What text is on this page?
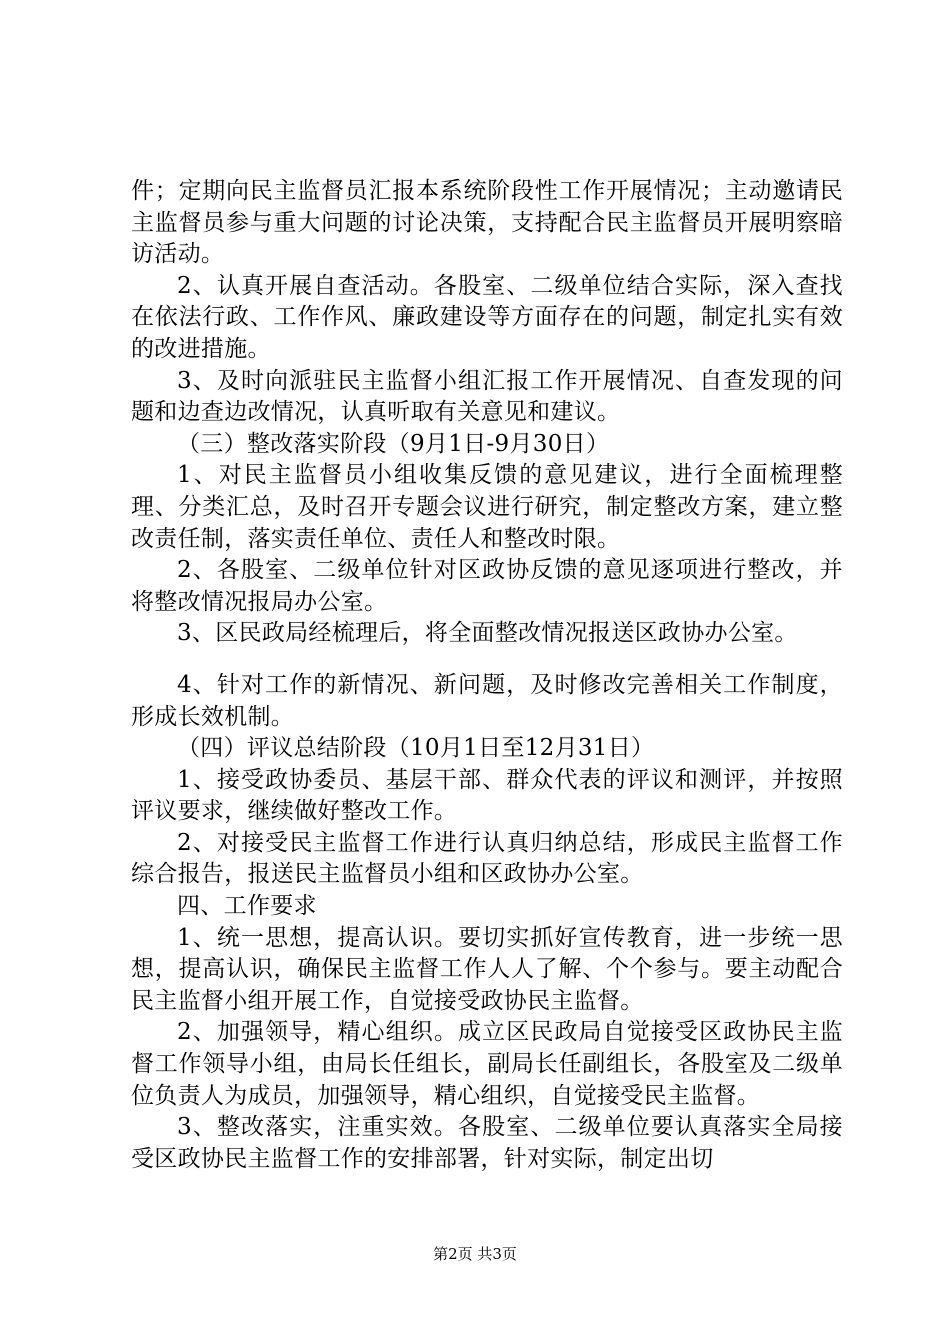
件；定期向民主监督员汇报本系统阶段性工作开展情况；主动邀请民主监督员参与重大问题的讨论决策，支持配合民主监督员开展明察暗访活动。

2、认真开展自查活动。各股室、二级单位结合实际，深入查找在依法行政、工作作风、廉政建设等方面存在的问题，制定扎实有效的改进措施。

3、及时向派驻民主监督小组汇报工作开展情况、自查发现的问题和边查边改情况，认真听取有关意见和建议。

（三）整改落实阶段（9月1日-9月30日）

1、对民主监督员小组收集反馈的意见建议，进行全面梳理整理、分类汇总，及时召开专题会议进行研究，制定整改方案，建立整改责任制，落实责任单位、责任人和整改时限。

2、各股室、二级单位针对区政协反馈的意见逐项进行整改，并将整改情况报局办公室。

3、区民政局经梳理后，将全面整改情况报送区政协办公室。

4、针对工作的新情况、新问题，及时修改完善相关工作制度，形成长效机制。

（四）评议总结阶段（10月1日至12月31日）

1、接受政协委员、基层干部、群众代表的评议和测评，并按照评议要求，继续做好整改工作。

2、对接受民主监督工作进行认真归纳总结，形成民主监督工作综合报告，报送民主监督员小组和区政协办公室。

四、工作要求

1、统一思想，提高认识。要切实抓好宣传教育，进一步统一思想，提高认识，确保民主监督工作人人了解、个个参与。要主动配合民主监督小组开展工作，自觉接受政协民主监督。

2、加强领导，精心组织。成立区民政局自觉接受区政协民主监督工作领导小组，由局长任组长，副局长任副组长，各股室及二级单位负责人为成员，加强领导，精心组织，自觉接受民主监督。

3、整改落实，注重实效。各股室、二级单位要认真落实全局接受区政协民主监督工作的安排部署，针对实际，制定出切

第2页 共3页
